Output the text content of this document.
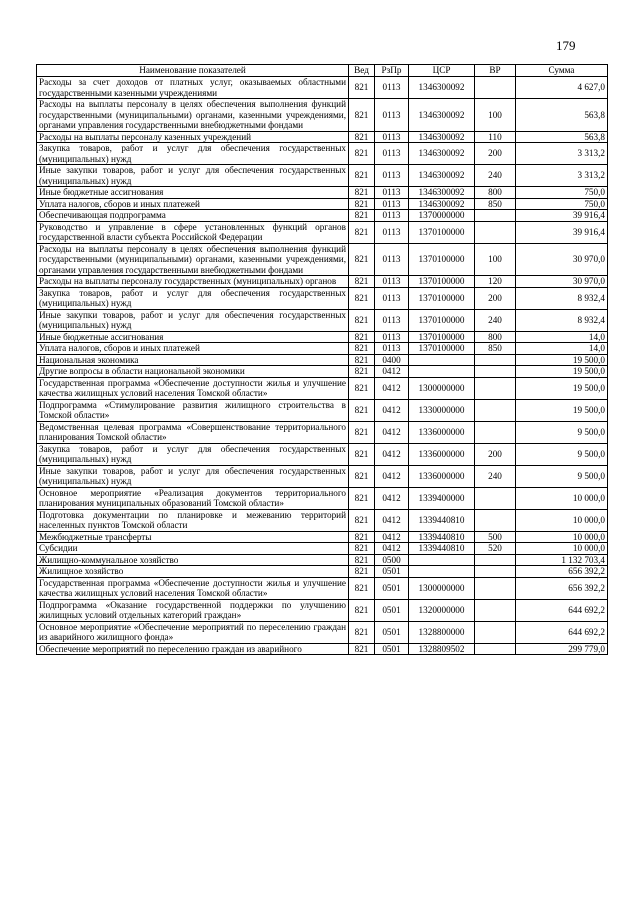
179
Наименование показателей	Вед	РзПр	ЦСР	ВР	Сумма
Расходы за счет доходов от платных услуг, оказываемых областными государственными казенными учреждениями	821	0113	1346300092		4 627,0
Расходы на выплаты персоналу в целях обеспечения выполнения функций государственными (муниципальными) органами, казенными учреждениями, органами управления государственными внебюджетными фондами	821	0113	1346300092	100	563,8
Расходы на выплаты персоналу казенных учреждений	821	0113	1346300092	110	563,8
Закупка товаров, работ и услуг для обеспечения государственных (муниципальных) нужд	821	0113	1346300092	200	3 313,2
Иные закупки товаров, работ и услуг для обеспечения государственных (муниципальных) нужд	821	0113	1346300092	240	3 313,2
Иные бюджетные ассигнования	821	0113	1346300092	800	750,0
Уплата налогов, сборов и иных платежей	821	0113	1346300092	850	750,0
Обеспечивающая подпрограмма	821	0113	1370000000		39 916,4
Руководство и управление в сфере установленных функций органов государственной власти субъекта Российской Федерации	821	0113	1370100000		39 916,4
Расходы на выплаты персоналу в целях обеспечения выполнения функций государственными (муниципальными) органами, казенными учреждениями, органами управления государственными внебюджетными фондами	821	0113	1370100000	100	30 970,0
Расходы на выплаты персоналу государственных (муниципальных) органов	821	0113	1370100000	120	30 970,0
Закупка товаров, работ и услуг для обеспечения государственных (муниципальных) нужд	821	0113	1370100000	200	8 932,4
Иные закупки товаров, работ и услуг для обеспечения государственных (муниципальных) нужд	821	0113	1370100000	240	8 932,4
Иные бюджетные ассигнования	821	0113	1370100000	800	14,0
Уплата налогов, сборов и иных платежей	821	0113	1370100000	850	14,0
Национальная экономика	821	0400			19 500,0
Другие вопросы в области национальной экономики	821	0412			19 500,0
Государственная программа «Обеспечение доступности жилья и улучшение качества жилищных условий населения Томской области»	821	0412	1300000000		19 500,0
Подпрограмма «Стимулирование развития жилищного строительства в Томской области»	821	0412	1330000000		19 500,0
Ведомственная целевая программа «Совершенствование территориального планирования Томской области»	821	0412	1336000000		9 500,0
Закупка товаров, работ и услуг для обеспечения государственных (муниципальных) нужд	821	0412	1336000000	200	9 500,0
Иные закупки товаров, работ и услуг для обеспечения государственных (муниципальных) нужд	821	0412	1336000000	240	9 500,0
Основное мероприятие «Реализация документов территориального планирования муниципальных образований Томской области»	821	0412	1339400000		10 000,0
Подготовка документации по планировке и межеванию территорий населенных пунктов Томской области	821	0412	1339440810		10 000,0
Межбюджетные трансферты	821	0412	1339440810	500	10 000,0
Субсидии	821	0412	1339440810	520	10 000,0
Жилищно-коммунальное хозяйство	821	0500			1 132 703,4
Жилищное хозяйство	821	0501			656 392,2
Государственная программа «Обеспечение доступности жилья и улучшение качества жилищных условий населения Томской области»	821	0501	1300000000		656 392,2
Подпрограмма «Оказание государственной поддержки по улучшению жилищных условий отдельных категорий граждан»	821	0501	1320000000		644 692,2
Основное мероприятие «Обеспечение мероприятий по переселению граждан из аварийного жилищного фонда»	821	0501	1328800000		644 692,2
Обеспечение мероприятий по переселению граждан из аварийного	821	0501	1328809502		299 779,0
